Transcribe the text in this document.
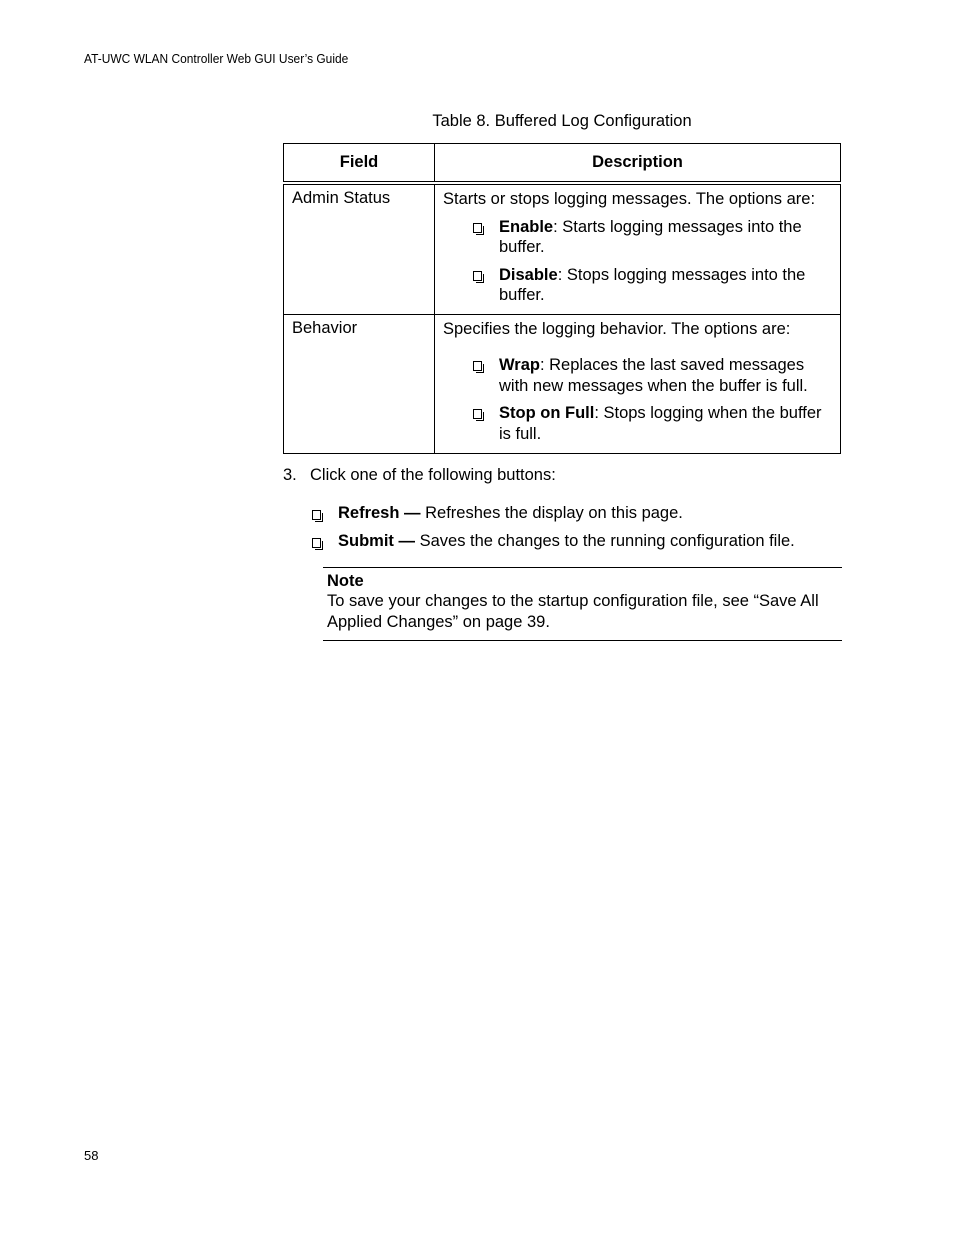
AT-UWC WLAN Controller Web GUI User’s Guide
Table 8. Buffered Log Configuration
Field	Description
Admin Status	Starts or stops logging messages. The options are:
Enable: Starts logging messages into the buffer.
Disable: Stops logging messages into the buffer.

Behavior	Specifies the logging behavior. The options are:
Wrap: Replaces the last saved messages with new messages when the buffer is full.
Stop on Full: Stops logging when the buffer is full.
3. Click one of the following buttons:
Refresh — Refreshes the display on this page.
Submit — Saves the changes to the running configuration file.
Note
To save your changes to the startup configuration file, see “Save All Applied Changes” on page 39.
58
